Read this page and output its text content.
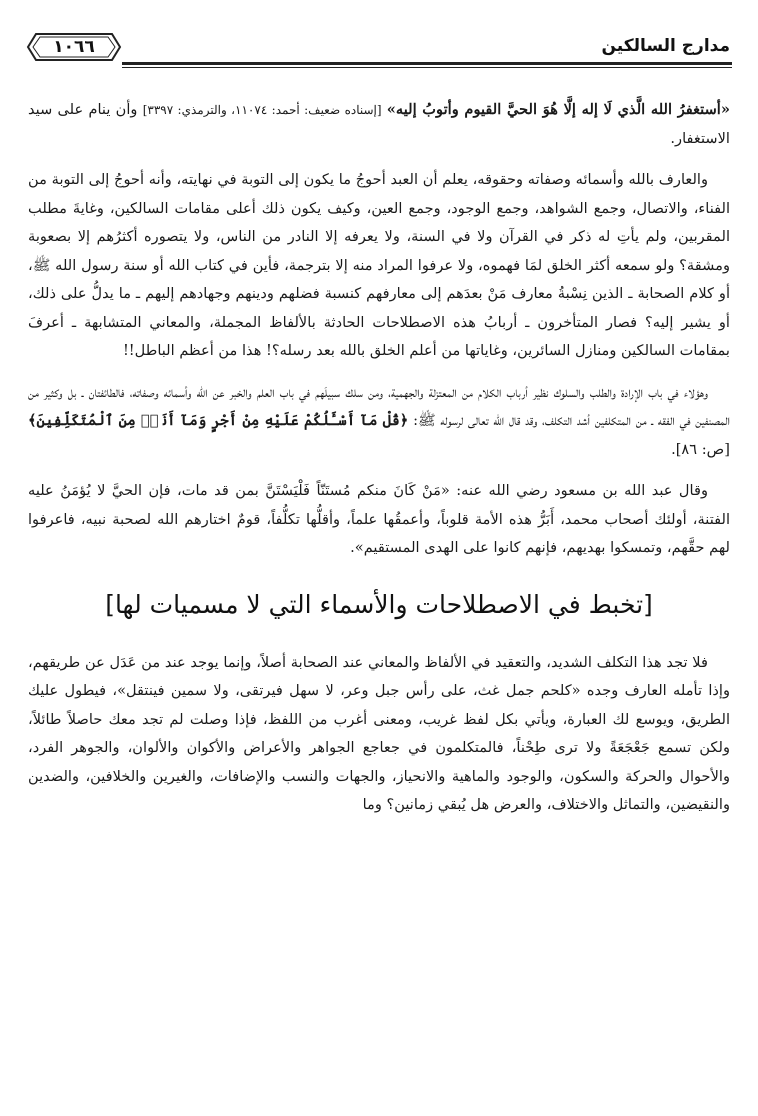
١٠٦٦	مدارج السالكين

«أستغفرُ الله الَّذي لَا إله إلَّا هُوَ الحيَّ القيوم وأتوبُ إليه» [إسناده ضعيف: أحمد: ١١٠٧٤، والترمذي: ٣٣٩٧] وأن ينام على سيد الاستغفار.

والعارف بالله وأسمائه وصفاته وحقوقه، يعلم أن العبد أحوجُ ما يكون إلى التوبة في نهايته، وأنه أحوجُ إلى التوبة من الفناء، والاتصال، وجمع الشواهد، وجمع الوجود، وجمع العين، وكيف يكون ذلك أعلى مقامات السالكين، وغايةَ مطلب المقربين، ولم يأتِ له ذكر في القرآن ولا في السنة، ولا يعرفه إلا النادر من الناس، ولا يتصوره أكثرُهم إلا بصعوبة ومشقة؟ ولو سمعه أكثر الخلق لمَا فهموه، ولا عرفوا المراد منه إلا بترجمة، فأين في كتاب الله أو سنة رسول الله ﷺ، أو كلام الصحابة ـ الذين نِسْبةُ معارف مَنْ بعدَهم إلى معارفهم كنسبة فضلهم ودينهم وجهادهم إليهم ـ ما يدلُّ على ذلك، أو يشير إليه؟ فصار المتأخرون ـ أربابُ هذه الاصطلاحات الحادثة بالألفاظ المجملة، والمعاني المتشابهة ـ أعرفَ بمقامات السالكين ومنازل السائرين، وغاياتها من أعلم الخلق بالله بعد رسله؟! هذا من أعظم الباطل!!

وهؤلاء في باب الإرادة والطلب والسلوك نظير أرباب الكلام من المعتزلة والجهمية، ومن سلك سبيلَهم في باب العلم والخبر عن الله وأسمائه وصفاته، فالطائفتان ـ بل وكثير من المصنفين في الفقه ـ من المتكلفين أشد التكلف، وقد قال الله تعالى لرسوله ﷺ: ﴿قُلْ مَآ أَسْـَٔلُكُمْ عَلَيْهِ مِنْ أَجْرٍ وَمَآ أَنَا۠ مِنَ ٱلْمُتَكَلِّفِينَ﴾ [ص: ٨٦].

وقال عبد الله بن مسعود رضي الله عنه: «مَنْ كَانَ منكم مُستَنّاً فَلْيَسْتَنَّ بمن قد مات، فإن الحيَّ لا يُؤمَنُ عليه الفتنة، أولئك أصحاب محمد، أَبَرُّ هذه الأمة قلوباً، وأعمقُها علماً، وأقلُّها تكلُّفاً، قومٌ اختارهم الله لصحبة نبيه، فاعرفوا لهم حقَّهم، وتمسكوا بهديهم، فإنهم كانوا على الهدى المستقيم».

[تخبط في الاصطلاحات والأسماء التي لا مسميات لها]

فلا تجد هذا التكلف الشديد، والتعقيد في الألفاظ والمعاني عند الصحابة أصلاً، وإنما يوجد عند من عَدَل عن طريقهم، وإذا تأمله العارف وجده «كلحم جمل غث، على رأس جبل وعر، لا سهل فيرتقى، ولا سمين فينتقل»، فيطول عليك الطريق، ويوسع لك العبارة، ويأتي بكل لفظ غريب، ومعنى أغرب من اللفظ، فإذا وصلت لم تجد معك حاصلاً طائلاً، ولكن تسمع جَعْجَعَةً ولا ترى طِحْناً، فالمتكلمون في جعاجع الجواهر والأعراض والأكوان والألوان، والجوهر الفرد، والأحوال والحركة والسكون، والوجود والماهية والانحياز، والجهات والنسب والإضافات، والغيرين والخلافين، والضدين والنقيضين، والتماثل والاختلاف، والعرض هل يُبقي زمانين؟ وما
